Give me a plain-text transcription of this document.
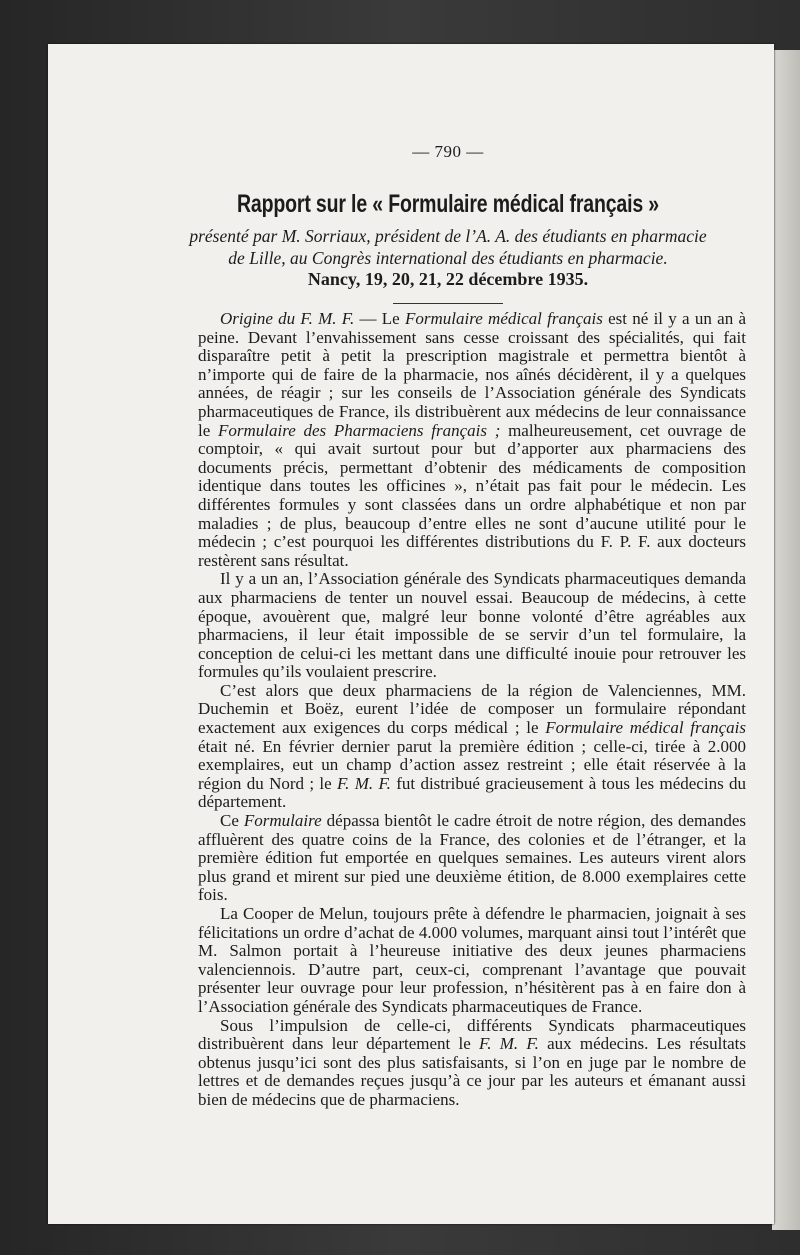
— 790 —
Rapport sur le « Formulaire médical français »
présenté par M. Sorriaux, président de l’A. A. des étudiants en pharmacie
de Lille, au Congrès international des étudiants en pharmacie.
Nancy, 19, 20, 21, 22 décembre 1935.

Origine du F. M. F. — Le Formulaire médical français est né il y a un an à peine. Devant l’envahissement sans cesse croissant des spécialités, qui fait disparaître petit à petit la prescription magistrale et permettra bientôt à n’importe qui de faire de la pharmacie, nos aînés décidèrent, il y a quelques années, de réagir ; sur les conseils de l’Association générale des Syndicats pharmaceutiques de France, ils distribuèrent aux médecins de leur connaissance le Formulaire des Pharmaciens français ; malheureusement, cet ouvrage de comptoir, « qui avait surtout pour but d’apporter aux pharmaciens des documents précis, permettant d’obtenir des médicaments de composition identique dans toutes les officines », n’était pas fait pour le médecin. Les différentes formules y sont classées dans un ordre alphabétique et non par maladies ; de plus, beaucoup d’entre elles ne sont d’aucune utilité pour le médecin ; c’est pourquoi les différentes distributions du F. P. F. aux docteurs restèrent sans résultat.

Il y a un an, l’Association générale des Syndicats pharmaceutiques demanda aux pharmaciens de tenter un nouvel essai. Beaucoup de médecins, à cette époque, avouèrent que, malgré leur bonne volonté d’être agréables aux pharmaciens, il leur était impossible de se servir d’un tel formulaire, la conception de celui-ci les mettant dans une difficulté inouie pour retrouver les formules qu’ils voulaient prescrire.

C’est alors que deux pharmaciens de la région de Valenciennes, MM. Duchemin et Boëz, eurent l’idée de composer un formulaire répondant exactement aux exigences du corps médical ; le Formulaire médical français était né. En février dernier parut la première édition ; celle-ci, tirée à 2.000 exemplaires, eut un champ d’action assez restreint ; elle était réservée à la région du Nord ; le F. M. F. fut distribué gracieusement à tous les médecins du département.

Ce Formulaire dépassa bientôt le cadre étroit de notre région, des demandes affluèrent des quatre coins de la France, des colonies et de l’étranger, et la première édition fut emportée en quelques semaines. Les auteurs virent alors plus grand et mirent sur pied une deuxième étition, de 8.000 exemplaires cette fois.

La Cooper de Melun, toujours prête à défendre le pharmacien, joignait à ses félicitations un ordre d’achat de 4.000 volumes, marquant ainsi tout l’intérêt que M. Salmon portait à l’heureuse initiative des deux jeunes pharmaciens valenciennois. D’autre part, ceux-ci, comprenant l’avantage que pouvait présenter leur ouvrage pour leur profession, n’hésitèrent pas à en faire don à l’Association générale des Syndicats pharmaceutiques de France.

Sous l’impulsion de celle-ci, différents Syndicats pharmaceutiques distribuèrent dans leur département le F. M. F. aux médecins. Les résultats obtenus jusqu’ici sont des plus satisfaisants, si l’on en juge par le nombre de lettres et de demandes reçues jusqu’à ce jour par les auteurs et émanant aussi bien de médecins que de pharmaciens.
